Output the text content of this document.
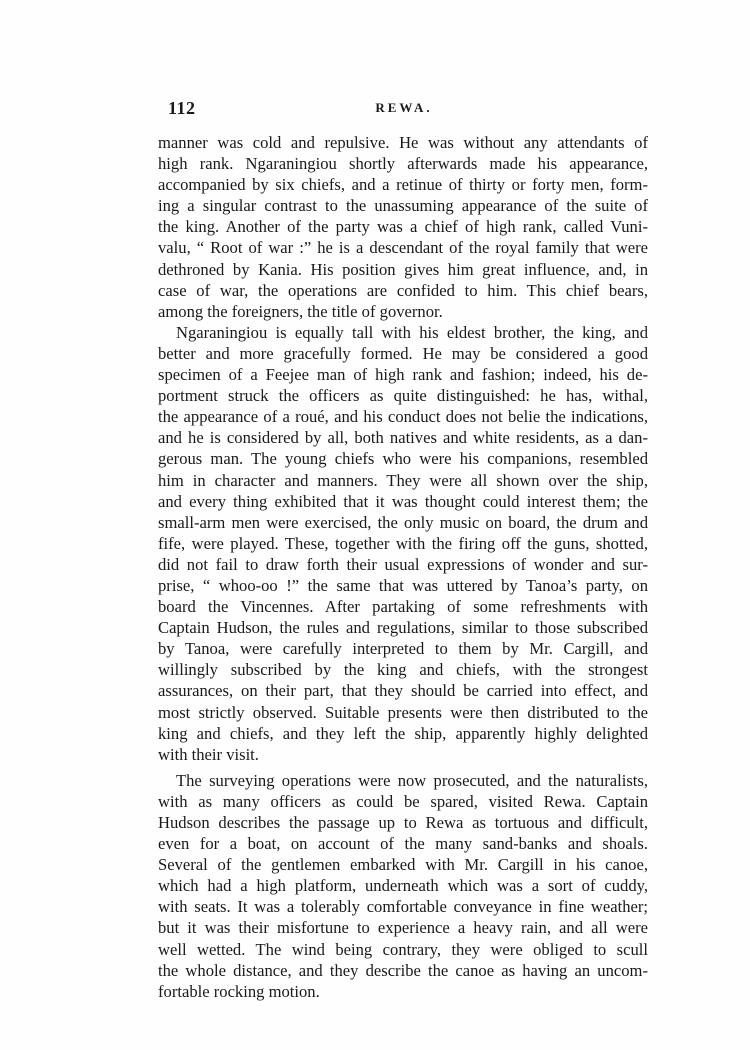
112	REWA.
manner was cold and repulsive. He was without any attendants of
high rank. Ngaraningiou shortly afterwards made his appearance,
accompanied by six chiefs, and a retinue of thirty or forty men, form-
ing a singular contrast to the unassuming appearance of the suite of
the king. Another of the party was a chief of high rank, called Vuni-
valu, “ Root of war :” he is a descendant of the royal family that were
dethroned by Kania. His position gives him great influence, and, in
case of war, the operations are confided to him. This chief bears,
among the foreigners, the title of governor.
Ngaraningiou is equally tall with his eldest brother, the king, and
better and more gracefully formed. He may be considered a good
specimen of a Feejee man of high rank and fashion; indeed, his de-
portment struck the officers as quite distinguished: he has, withal,
the appearance of a roué, and his conduct does not belie the indications,
and he is considered by all, both natives and white residents, as a dan-
gerous man. The young chiefs who were his companions, resembled
him in character and manners. They were all shown over the ship,
and every thing exhibited that it was thought could interest them; the
small-arm men were exercised, the only music on board, the drum and
fife, were played. These, together with the firing off the guns, shotted,
did not fail to draw forth their usual expressions of wonder and sur-
prise, “ whoo-oo !” the same that was uttered by Tanoa’s party, on
board the Vincennes. After partaking of some refreshments with
Captain Hudson, the rules and regulations, similar to those subscribed
by Tanoa, were carefully interpreted to them by Mr. Cargill, and
willingly subscribed by the king and chiefs, with the strongest
assurances, on their part, that they should be carried into effect, and
most strictly observed. Suitable presents were then distributed to the
king and chiefs, and they left the ship, apparently highly delighted
with their visit.
The surveying operations were now prosecuted, and the naturalists,
with as many officers as could be spared, visited Rewa. Captain
Hudson describes the passage up to Rewa as tortuous and difficult,
even for a boat, on account of the many sand-banks and shoals.
Several of the gentlemen embarked with Mr. Cargill in his canoe,
which had a high platform, underneath which was a sort of cuddy,
with seats. It was a tolerably comfortable conveyance in fine weather;
but it was their misfortune to experience a heavy rain, and all were
well wetted. The wind being contrary, they were obliged to scull
the whole distance, and they describe the canoe as having an uncom-
fortable rocking motion.
